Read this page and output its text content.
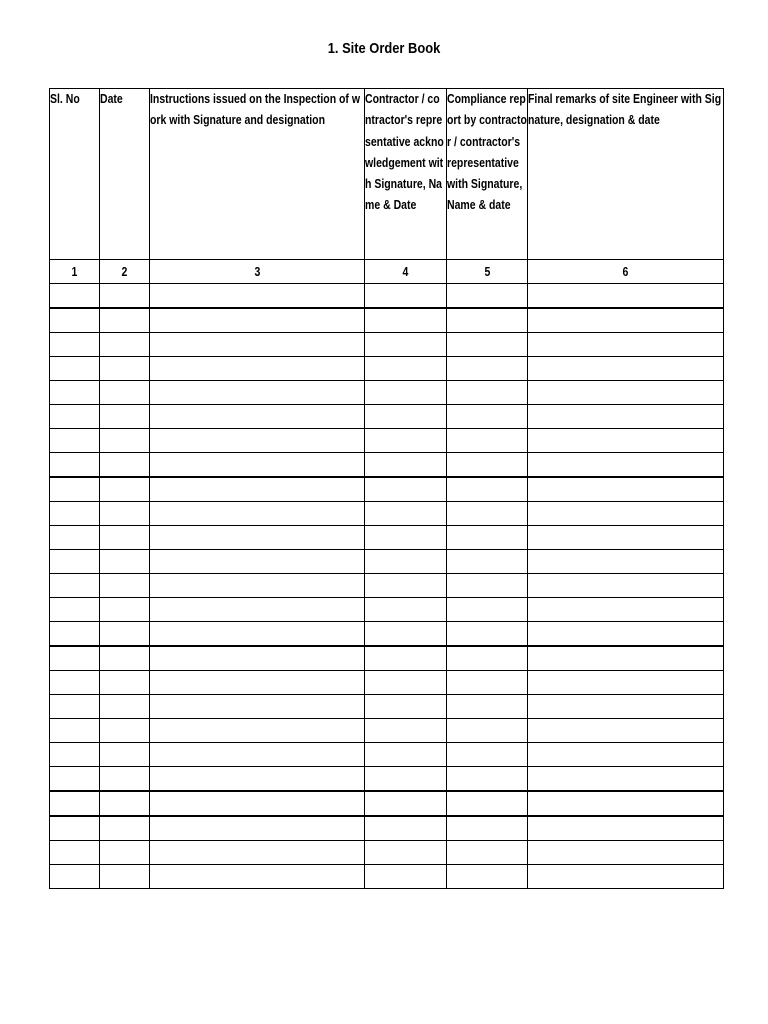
1. Site Order Book
Sl. No	Date	Instructions issued on the Inspection of work with Signature and designation	Contractor / contractor's representative acknowledgement with Signature, Name & Date	Compliance report by contractor / contractor's representative with Signature, Name & date	Final remarks of site Engineer with Signature, designation & date

1	2	3	4	5	6
